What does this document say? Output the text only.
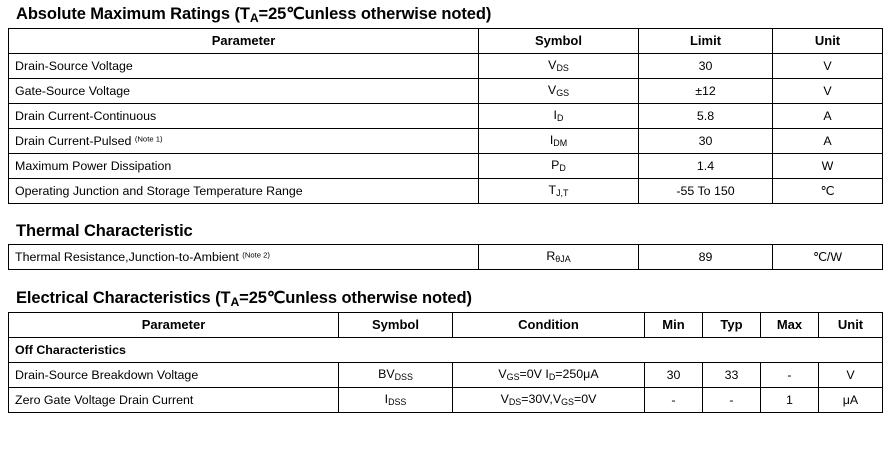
Absolute Maximum Ratings (TA=25℃unless otherwise noted)
Parameter	Symbol	Limit	Unit
Drain-Source Voltage	$V_{DS}$	30	V
Gate-Source Voltage	$V_{GS}$	±12	V
Drain Current-Continuous	$I_D$	5.8	A
Drain Current-Pulsed $^{(Note 1)}$	$I_{DM}$	30	A
Maximum Power Dissipation	$P_D$	1.4	W
Operating Junction and Storage Temperature Range	$T_{J,T}$	-55 To 150	℃
Thermal Characteristic
Thermal Resistance,Junction-to-Ambient $^{(Note 2)}$	$R_{\theta JA}$	89	℃/W
Electrical Characteristics (TA=25℃unless otherwise noted)
Parameter	Symbol	Condition	Min	Typ	Max	Unit
Off Characteristics						
Drain-Source Breakdown Voltage	$BV_{DSS}$	$V_{GS}=0V$ $I_D=250\mu A$	30	33	-	V
Zero Gate Voltage Drain Current	$I_{DSS}$	$V_{DS}=30V,V_{GS}=0V$	-	-	1	μA
